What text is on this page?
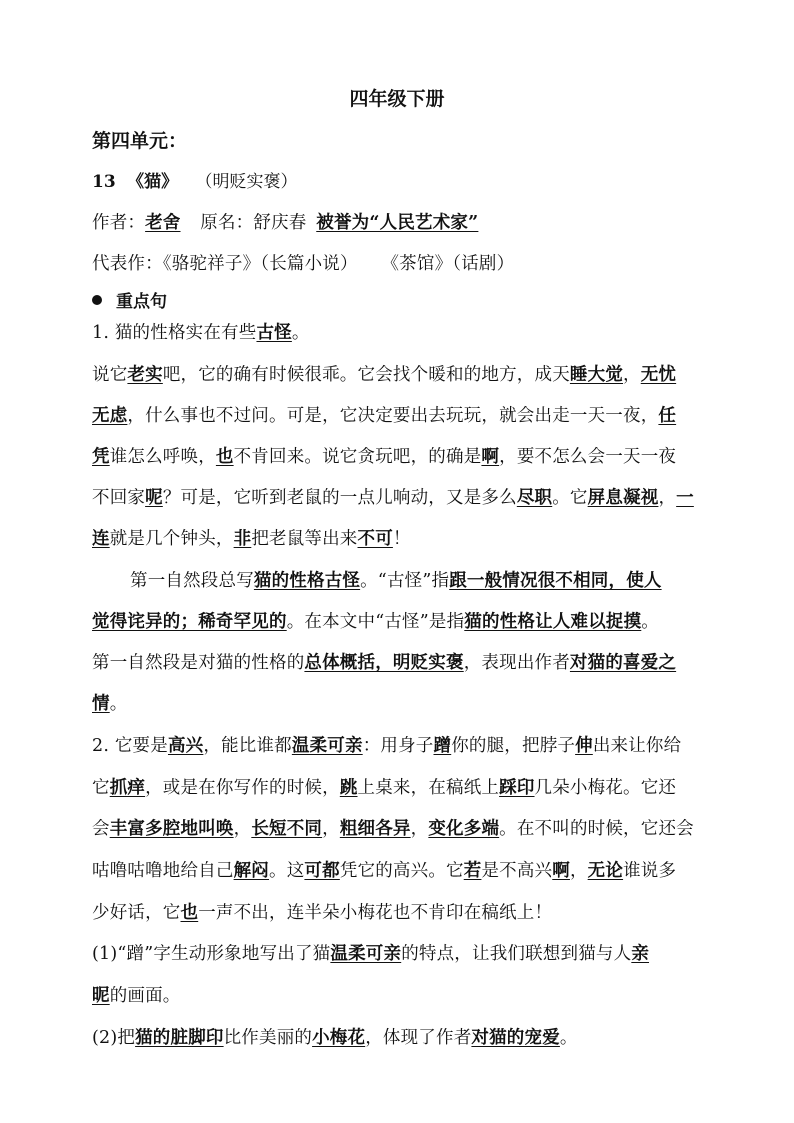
四年级下册
第四单元：
13 《猫》 （明贬实褒）
作者：老舍 原名：舒庆春 被誉为“人民艺术家”
代表作：《骆驼祥子》（长篇小说） 《茶馆》（话剧）
重点句
1. 猫的性格实在有些古怪。
说它老实吧，它的确有时候很乖。它会找个暖和的地方，成天睡大觉，无忧
无虑，什么事也不过问。可是，它决定要出去玩玩，就会出走一天一夜，任
凭谁怎么呼唤，也不肯回来。说它贪玩吧，的确是啊，要不怎么会一天一夜
不回家呢？可是，它听到老鼠的一点儿响动，又是多么尽职。它屏息凝视，一
连就是几个钟头，非把老鼠等出来不可！
第一自然段总写猫的性格古怪。“古怪”指跟一般情况很不相同，使人
觉得诧异的；稀奇罕见的。在本文中“古怪”是指猫的性格让人难以捉摸。
第一自然段是对猫的性格的总体概括，明贬实褒，表现出作者对猫的喜爱之
情。
2. 它要是高兴，能比谁都温柔可亲：用身子蹭你的腿，把脖子伸出来让你给
它抓痒，或是在你写作的时候，跳上桌来，在稿纸上踩印几朵小梅花。它还
会丰富多腔地叫唤，长短不同，粗细各异，变化多端。在不叫的时候，它还会
咕噜咕噜地给自己解闷。这可都凭它的高兴。它若是不高兴啊，无论谁说多
少好话，它也一声不出，连半朵小梅花也不肯印在稿纸上！
(1)“蹭”字生动形象地写出了猫温柔可亲的特点，让我们联想到猫与人亲
昵的画面。
(2)把猫的脏脚印比作美丽的小梅花，体现了作者对猫的宠爱。
